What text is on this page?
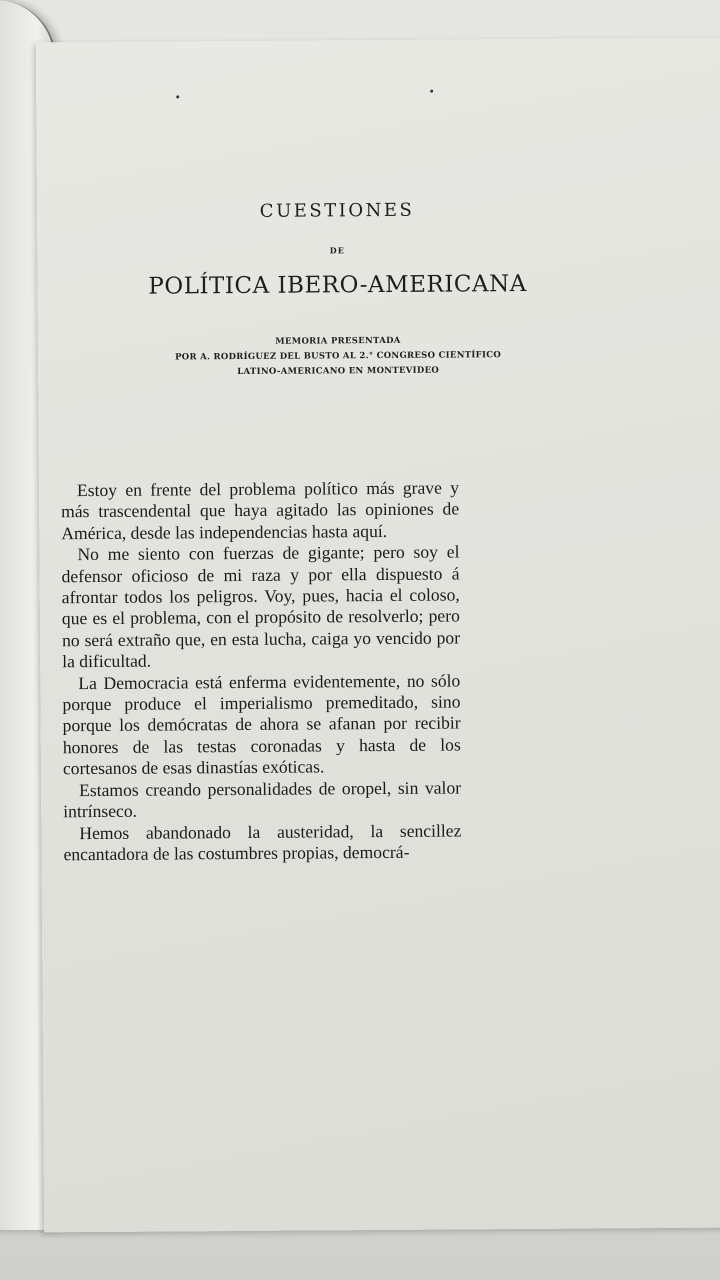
CUESTIONES
DE
POLÍTICA IBERO-AMERICANA
MEMORIA PRESENTADA
POR A. RODRÍGUEZ DEL BUSTO AL 2.° CONGRESO CIENTÍFICO
LATINO-AMERICANO EN MONTEVIDEO

Estoy en frente del problema político más grave y más trascendental que haya agitado las opiniones de América, desde las independencias hasta aquí.

No me siento con fuerzas de gigante; pero soy el defensor oficioso de mi raza y por ella dispuesto á afrontar todos los peligros. Voy, pues, hacia el coloso, que es el problema, con el propósito de resolverlo; pero no será extraño que, en esta lucha, caiga yo vencido por la dificultad.

La Democracia está enferma evidentemente, no sólo porque produce el imperialismo premeditado, sino porque los demócratas de ahora se afanan por recibir honores de las testas coronadas y hasta de los cortesanos de esas dinastías exóticas.

Estamos creando personalidades de oropel, sin valor intrínseco.

Hemos abandonado la austeridad, la sencillez encantadora de las costumbres propias, democrá-
